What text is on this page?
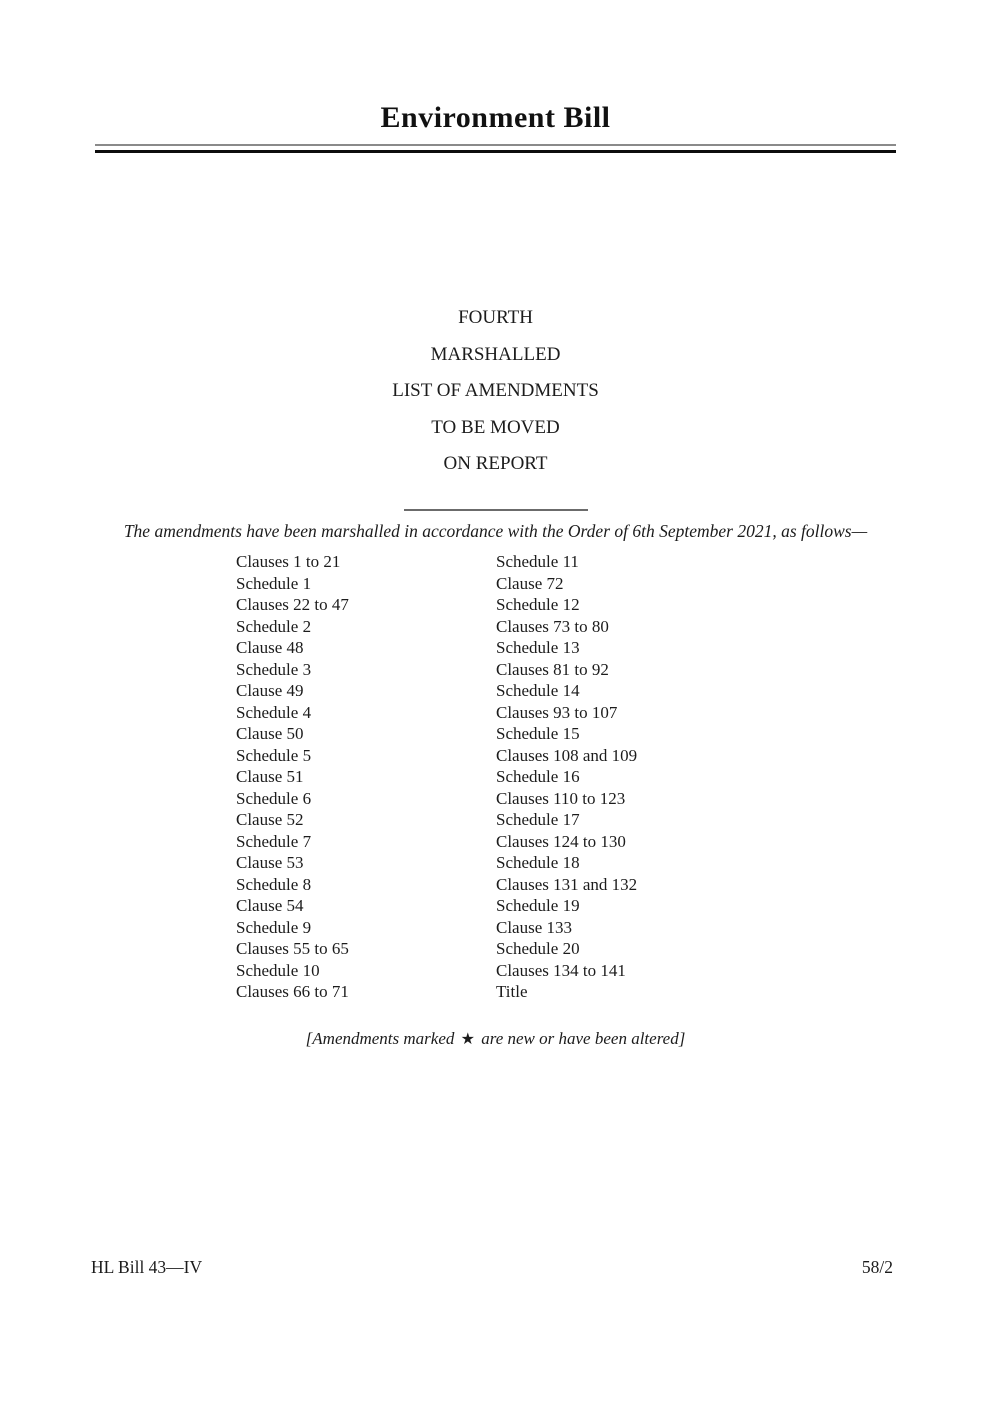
Environment Bill
FOURTH
MARSHALLED
LIST OF AMENDMENTS
TO BE MOVED
ON REPORT

The amendments have been marshalled in accordance with the Order of 6th September 2021, as follows—

Clauses 1 to 21
Schedule 1
Clauses 22 to 47
Schedule 2
Clause 48
Schedule 3
Clause 49
Schedule 4
Clause 50
Schedule 5
Clause 51
Schedule 6
Clause 52
Schedule 7
Clause 53
Schedule 8
Clause 54
Schedule 9
Clauses 55 to 65
Schedule 10
Clauses 66 to 71
Schedule 11
Clause 72
Schedule 12
Clauses 73 to 80
Schedule 13
Clauses 81 to 92
Schedule 14
Clauses 93 to 107
Schedule 15
Clauses 108 and 109
Schedule 16
Clauses 110 to 123
Schedule 17
Clauses 124 to 130
Schedule 18
Clauses 131 and 132
Schedule 19
Clause 133
Schedule 20
Clauses 134 to 141
Title

[Amendments marked ★ are new or have been altered]

HL Bill 43—IV	58/2
